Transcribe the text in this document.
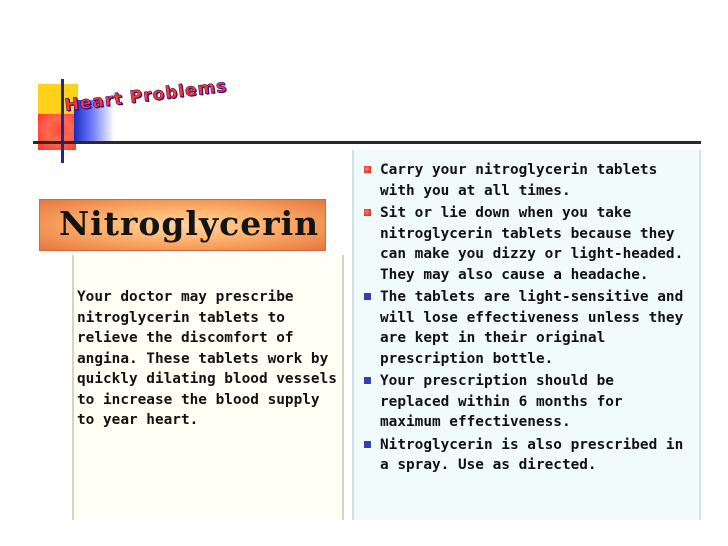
Heart Problems
Nitroglycerin
Your doctor may prescribe nitroglycerin tablets to relieve the discomfort of angina. These tablets work by quickly dilating blood vessels to increase the blood supply to year heart.
Carry your nitroglycerin tablets with you at all times.
Sit or lie down when you take nitroglycerin tablets because they can make you dizzy or light-headed. They may also cause a headache.
The tablets are light-sensitive and will lose effectiveness unless they are kept in their original prescription bottle.
Your prescription should be replaced within 6 months for maximum effectiveness.
Nitroglycerin is also prescribed in a spray. Use as directed.
